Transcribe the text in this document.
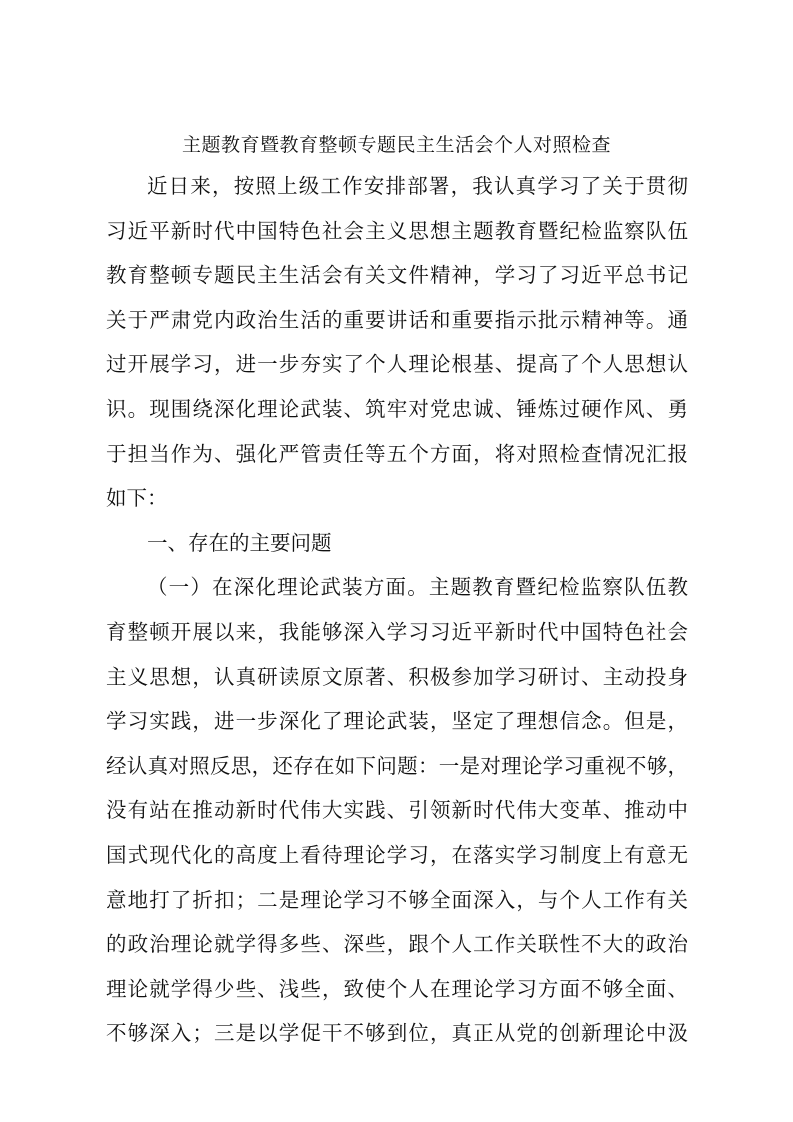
主题教育暨教育整顿专题民主生活会个人对照检查
近日来，按照上级工作安排部署，我认真学习了关于贯彻
习近平新时代中国特色社会主义思想主题教育暨纪检监察队伍
教育整顿专题民主生活会有关文件精神，学习了习近平总书记
关于严肃党内政治生活的重要讲话和重要指示批示精神等。通
过开展学习，进一步夯实了个人理论根基、提高了个人思想认
识。现围绕深化理论武装、筑牢对党忠诚、锤炼过硬作风、勇
于担当作为、强化严管责任等五个方面，将对照检查情况汇报
如下：
一、存在的主要问题
（一）在深化理论武装方面。主题教育暨纪检监察队伍教
育整顿开展以来，我能够深入学习习近平新时代中国特色社会
主义思想，认真研读原文原著、积极参加学习研讨、主动投身
学习实践，进一步深化了理论武装，坚定了理想信念。但是，
经认真对照反思，还存在如下问题：一是对理论学习重视不够，
没有站在推动新时代伟大实践、引领新时代伟大变革、推动中
国式现代化的高度上看待理论学习，在落实学习制度上有意无
意地打了折扣；二是理论学习不够全面深入，与个人工作有关
的政治理论就学得多些、深些，跟个人工作关联性不大的政治
理论就学得少些、浅些，致使个人在理论学习方面不够全面、
不够深入；三是以学促干不够到位，真正从党的创新理论中汲
